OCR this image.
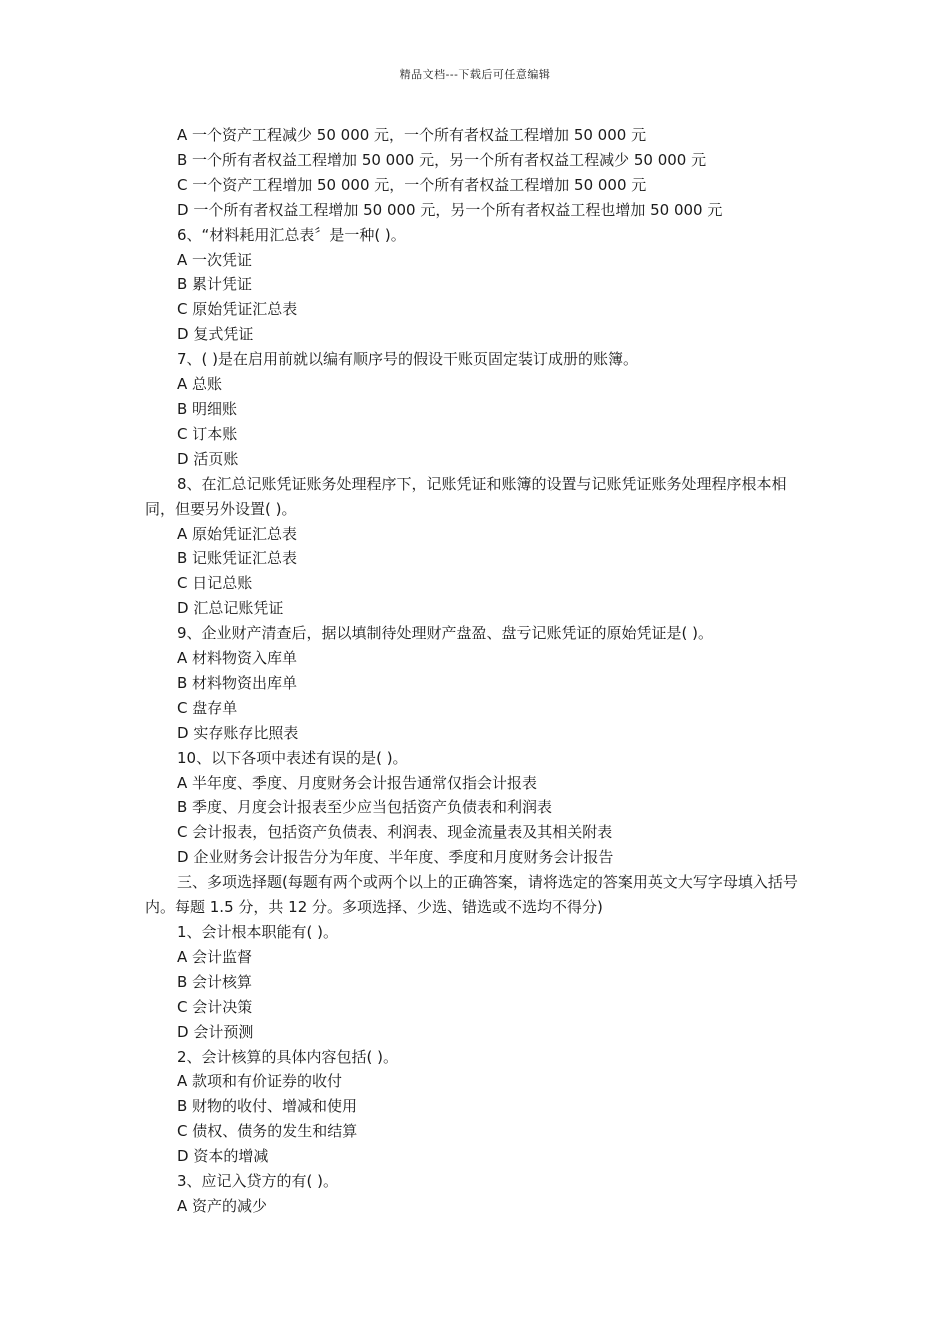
精品文档---下载后可任意编辑
A 一个资产工程减少 50 000 元，一个所有者权益工程增加 50 000 元
B 一个所有者权益工程增加 50 000 元，另一个所有者权益工程减少 50 000 元
C 一个资产工程增加 50 000 元，一个所有者权益工程增加 50 000 元
D 一个所有者权益工程增加 50 000 元，另一个所有者权益工程也增加 50 000 元
6、“材料耗用汇总表〞是一种( )。
A 一次凭证
B 累计凭证
C 原始凭证汇总表
D 复式凭证
7、( )是在启用前就以编有顺序号的假设干账页固定装订成册的账簿。
A 总账
B 明细账
C 订本账
D 活页账
8、在汇总记账凭证账务处理程序下，记账凭证和账簿的设置与记账凭证账务处理程序根本相同，但要另外设置( )。
A 原始凭证汇总表
B 记账凭证汇总表
C 日记总账
D 汇总记账凭证
9、企业财产清查后，据以填制待处理财产盘盈、盘亏记账凭证的原始凭证是( )。
A 材料物资入库单
B 材料物资出库单
C 盘存单
D 实存账存比照表
10、以下各项中表述有误的是( )。
A 半年度、季度、月度财务会计报告通常仅指会计报表
B 季度、月度会计报表至少应当包括资产负债表和利润表
C 会计报表，包括资产负债表、利润表、现金流量表及其相关附表
D 企业财务会计报告分为年度、半年度、季度和月度财务会计报告
三、多项选择题(每题有两个或两个以上的正确答案，请将选定的答案用英文大写字母填入括号内。每题 1.5 分，共 12 分。多项选择、少选、错选或不选均不得分)
1、会计根本职能有( )。
A 会计监督
B 会计核算
C 会计决策
D 会计预测
2、会计核算的具体内容包括( )。
A 款项和有价证券的收付
B 财物的收付、增减和使用
C 债权、债务的发生和结算
D 资本的增减
3、应记入贷方的有( )。
A 资产的减少
